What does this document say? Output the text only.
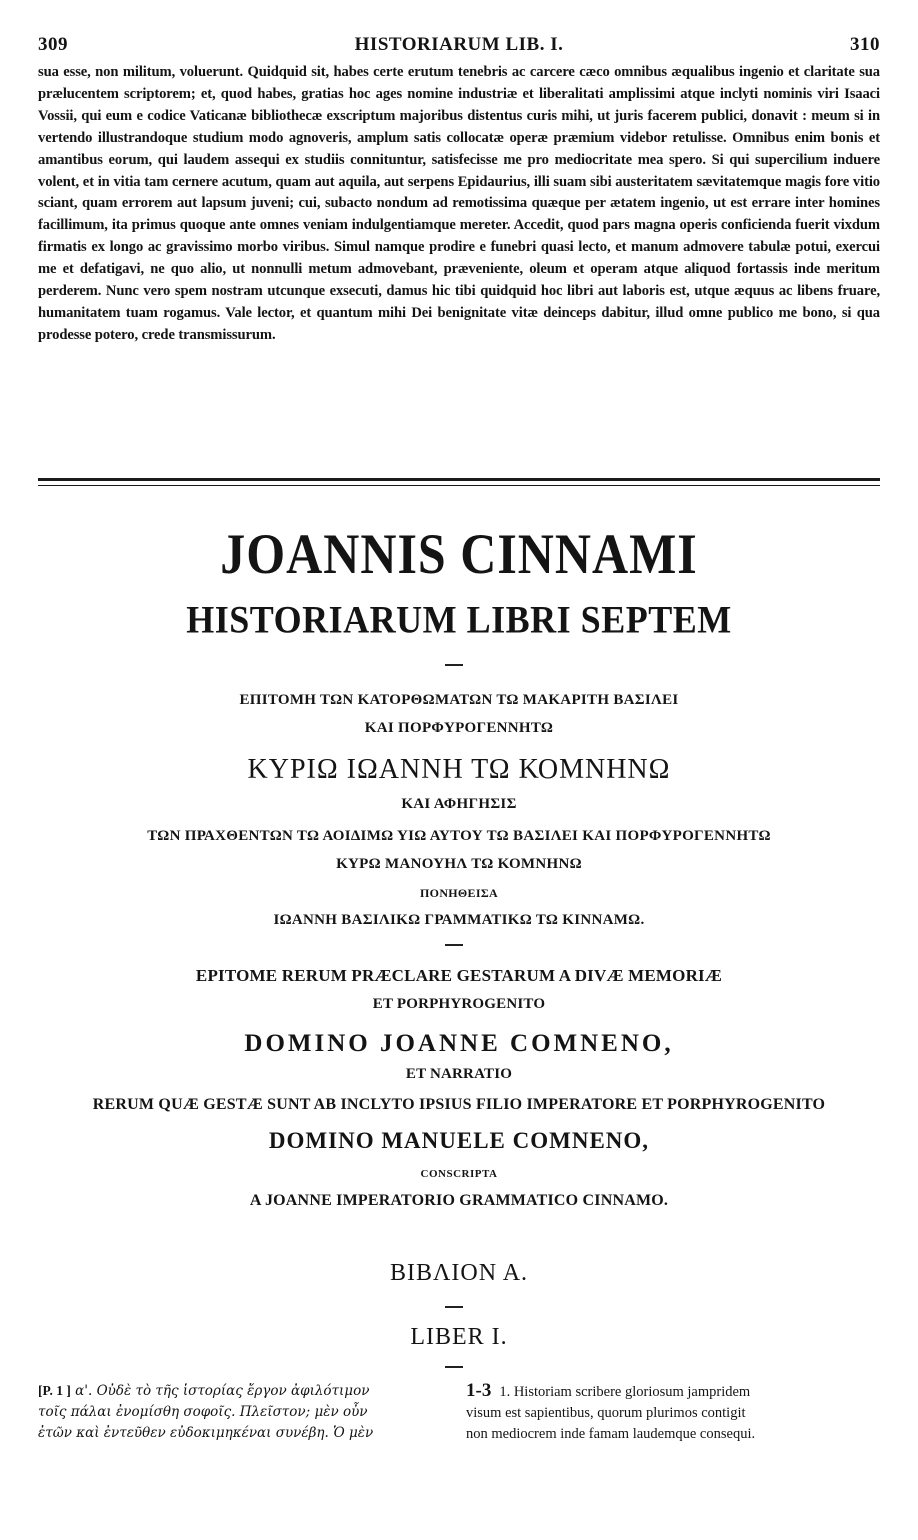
309	HISTORIARUM LIB. I.	310

sua esse, non militum, voluerunt. Quidquid sit, habes certe erutum tenebris ac carcere cæco omnibus æqualibus ingenio et claritate sua prælucentem scriptorem; et, quod habes, gratias hoc ages nomine industriæ et liberalitati amplissimi atque inclyti nominis viri Isaaci Vossii, qui eum e codice Vaticanæ bibliothecæ exscriptum majoribus distentus curis mihi, ut juris facerem publici, donavit : meum si in vertendo illustrandoque studium modo agnoveris, amplum satis collocatæ operæ præmium videbor retulisse. Omnibus enim bonis et amantibus eorum, qui laudem assequi ex studiis connituntur, satisfecisse me pro mediocritate mea spero. Si qui supercilium induere volent, et in vitia tam cernere acutum, quam aut aquila, aut serpens Epidaurius, illi suam sibi austeritatem sævitatemque magis fore vitio sciant, quam errorem aut lapsum juveni; cui, subacto nondum ad remotissima quæque per ætatem ingenio, ut est errare inter homines facillimum, ita primus quoque ante omnes veniam indulgentiamque mereter. Accedit, quod pars magna operis conficienda fuerit vixdum firmatis ex longo ac gravissimo morbo viribus. Simul namque prodire e funebri quasi lecto, et manum admovere tabulæ potui, exercui me et defatigavi, ne quo alio, ut nonnulli metum admovebant, præveniente, oleum et operam atque aliquod fortassis inde meritum perderem. Nunc vero spem nostram utcunque exsecuti, damus hic tibi quidquid hoc libri aut laboris est, utque æquus ac libens fruare, humanitatem tuam rogamus. Vale lector, et quantum mihi Dei benignitate vitæ deinceps dabitur, illud omne publico me bono, si qua prodesse potero, crede transmissurum.

JOANNIS CINNAMI
HISTORIARUM LIBRI SEPTEM
ΕΠΙΤΟΜΗ ΤΩΝ ΚΑΤΟΡΘΩΜΑΤΩΝ ΤΩ ΜΑΚΑΡΙΤΗ ΒΑΣΙΛΕΙ
ΚΑΙ ΠΟΡΦΥΡΟΓΕΝΝΗΤΩ
ΚΥΡΙΩ ΙΩΑΝΝΗ ΤΩ ΚΟΜΝΗΝΩ
ΚΑΙ ΑΦΗΓΗΣΙΣ
ΤΩΝ ΠΡΑΧΘΕΝΤΩΝ ΤΩ ΑΟΙΔΙΜΩ ΥΙΩ ΑΥΤΟΥ ΤΩ ΒΑΣΙΛΕΙ ΚΑΙ ΠΟΡΦΥΡΟΓΕΝΝΗΤΩ
ΚΥΡΩ ΜΑΝΟΥΗΛ ΤΩ ΚΟΜΝΗΝΩ
ΠΟΝΗΘΕΙΣΑ
ΙΩΑΝΝΗ ΒΑΣΙΛΙΚΩ ΓΡΑΜΜΑΤΙΚΩ ΤΩ ΚΙΝΝΑΜΩ.
EPITOME RERUM PRÆCLARE GESTARUM A DIVÆ MEMORIÆ
ET PORPHYROGENITO
DOMINO JOANNE COMNENO,
ET NARRATIO
RERUM QUÆ GESTÆ SUNT AB INCLYTO IPSIUS FILIO IMPERATORE ET PORPHYROGENITO
DOMINO MANUELE COMNENO,
CONSCRIPTA
A JOANNE IMPERATORIO GRAMMATICO CINNAMO.
ΒΙΒΛΙΟΝ Α.
LIBER I.
[P. 1 ] α'. Οὐδὲ τὸ τῆς ἱστορίας ἔργον ἀφιλότιμον
τοῖς πάλαι ἐνομίσθη σοφοῖς. Πλεῖστον; μὲν οὖν
ἐτῶν καὶ ἐντεῦθεν εὐδοκιμηκέναι συνέβη. Ὁ μὲν
1-3 1. Historiam scribere gloriosum jampridem
visum est sapientibus, quorum plurimos contigit
non mediocrem inde famam laudemque consequi.
